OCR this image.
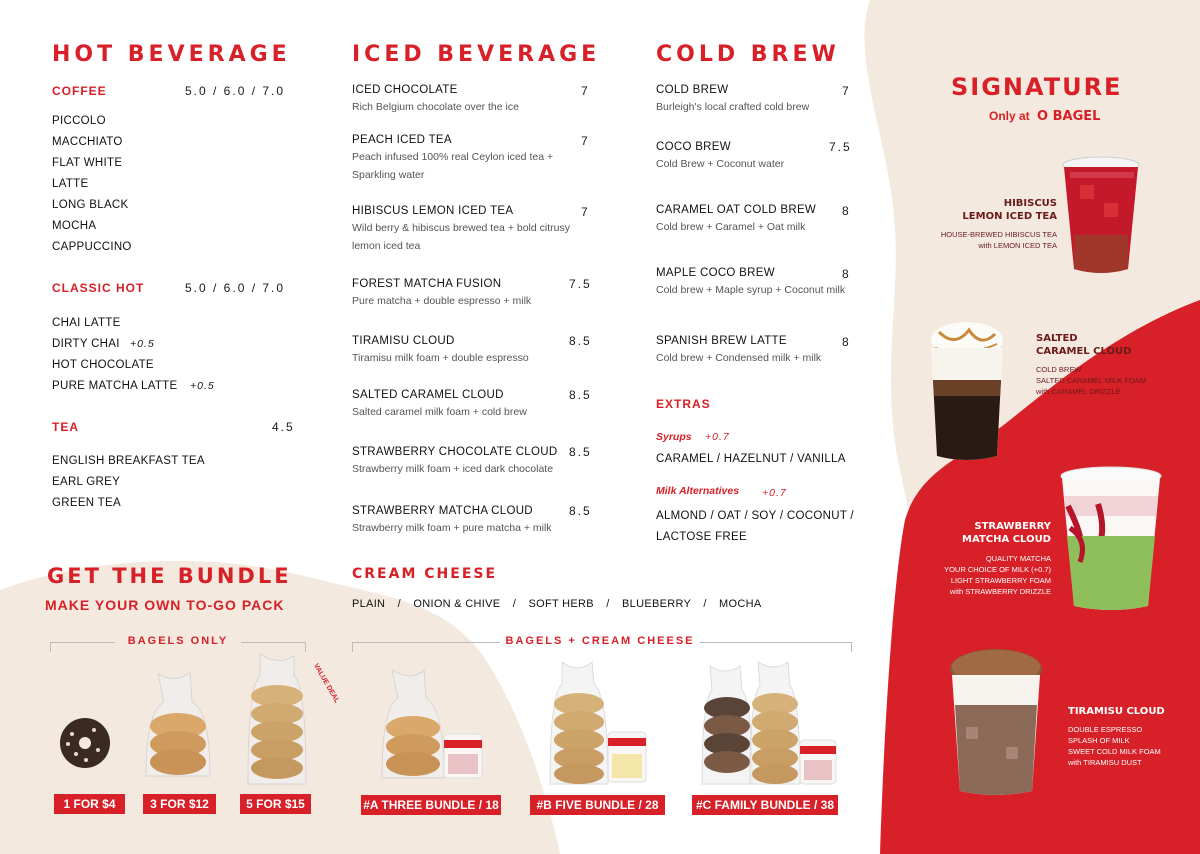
HOT BEVERAGE
COFFEE	5.0 / 6.0 / 7.0
PICCOLO
MACCHIATO
FLAT WHITE
LATTE
LONG BLACK
MOCHA
CAPPUCCINO
CLASSIC HOT	5.0 / 6.0 / 7.0
CHAI LATTE
DIRTY CHAI +0.5
HOT CHOCOLATE
PURE MATCHA LATTE +0.5
TEA	4.5
ENGLISH BREAKFAST TEA
EARL GREY
GREEN TEA
ICED BEVERAGE
ICED CHOCOLATE	7
Rich Belgium chocolate over the ice
PEACH ICED TEA	7
Peach infused 100% real Ceylon iced tea + Sparkling water
HIBISCUS LEMON ICED TEA	7
Wild berry & hibiscus brewed tea + bold citrusy lemon iced tea
FOREST MATCHA FUSION	7.5
Pure matcha + double espresso + milk
TIRAMISU CLOUD	8.5
Tiramisu milk foam + double espresso
SALTED CARAMEL CLOUD	8.5
Salted caramel milk foam + cold brew
STRAWBERRY CHOCOLATE CLOUD 8.5
Strawberry milk foam + iced dark chocolate
STRAWBERRY MATCHA CLOUD	8.5
Strawberry milk foam + pure matcha + milk
COLD BREW
COLD BREW	7
Burleigh's local crafted cold brew
COCO BREW	7.5
Cold Brew + Coconut water
CARAMEL OAT COLD BREW 8
Cold brew + Caramel + Oat milk
MAPLE COCO BREW	8
Cold brew + Maple syrup + Coconut milk
SPANISH BREW LATTE	8
Cold brew + Condensed milk + milk
EXTRAS
Syrups +0.7
CARAMEL / HAZELNUT / VANILLA
Milk Alternatives +0.7
ALMOND / OAT / SOY / COCONUT /
LACTOSE FREE
SIGNATURE
Only at O BAGEL
HIBISCUS
LEMON ICED TEA
HOUSE-BREWED HIBISCUS TEA
with LEMON ICED TEA
SALTED
CARAMEL CLOUD
COLD BREW
SALTED CARAMEL MILK FOAM
with CARAMEL DRIZZLE
STRAWBERRY
MATCHA CLOUD
QUALITY MATCHA
YOUR CHOICE OF MILK (+0.7)
LIGHT STRAWBERRY FOAM
with STRAWBERRY DRIZZLE
TIRAMISU CLOUD
DOUBLE ESPRESSO
SPLASH OF MILK
SWEET COLD MILK FOAM
with TIRAMISU DUST
GET THE BUNDLE
MAKE YOUR OWN TO-GO PACK
BAGELS ONLY	BAGELS + CREAM CHEESE
VALUE DEAL
1 FOR $4	3 FOR $12	5 FOR $15	#A THREE BUNDLE / 18	#B FIVE BUNDLE / 28	#C FAMILY BUNDLE / 38
CREAM CHEESE
PLAIN / ONION & CHIVE / SOFT HERB / BLUEBERRY / MOCHA
